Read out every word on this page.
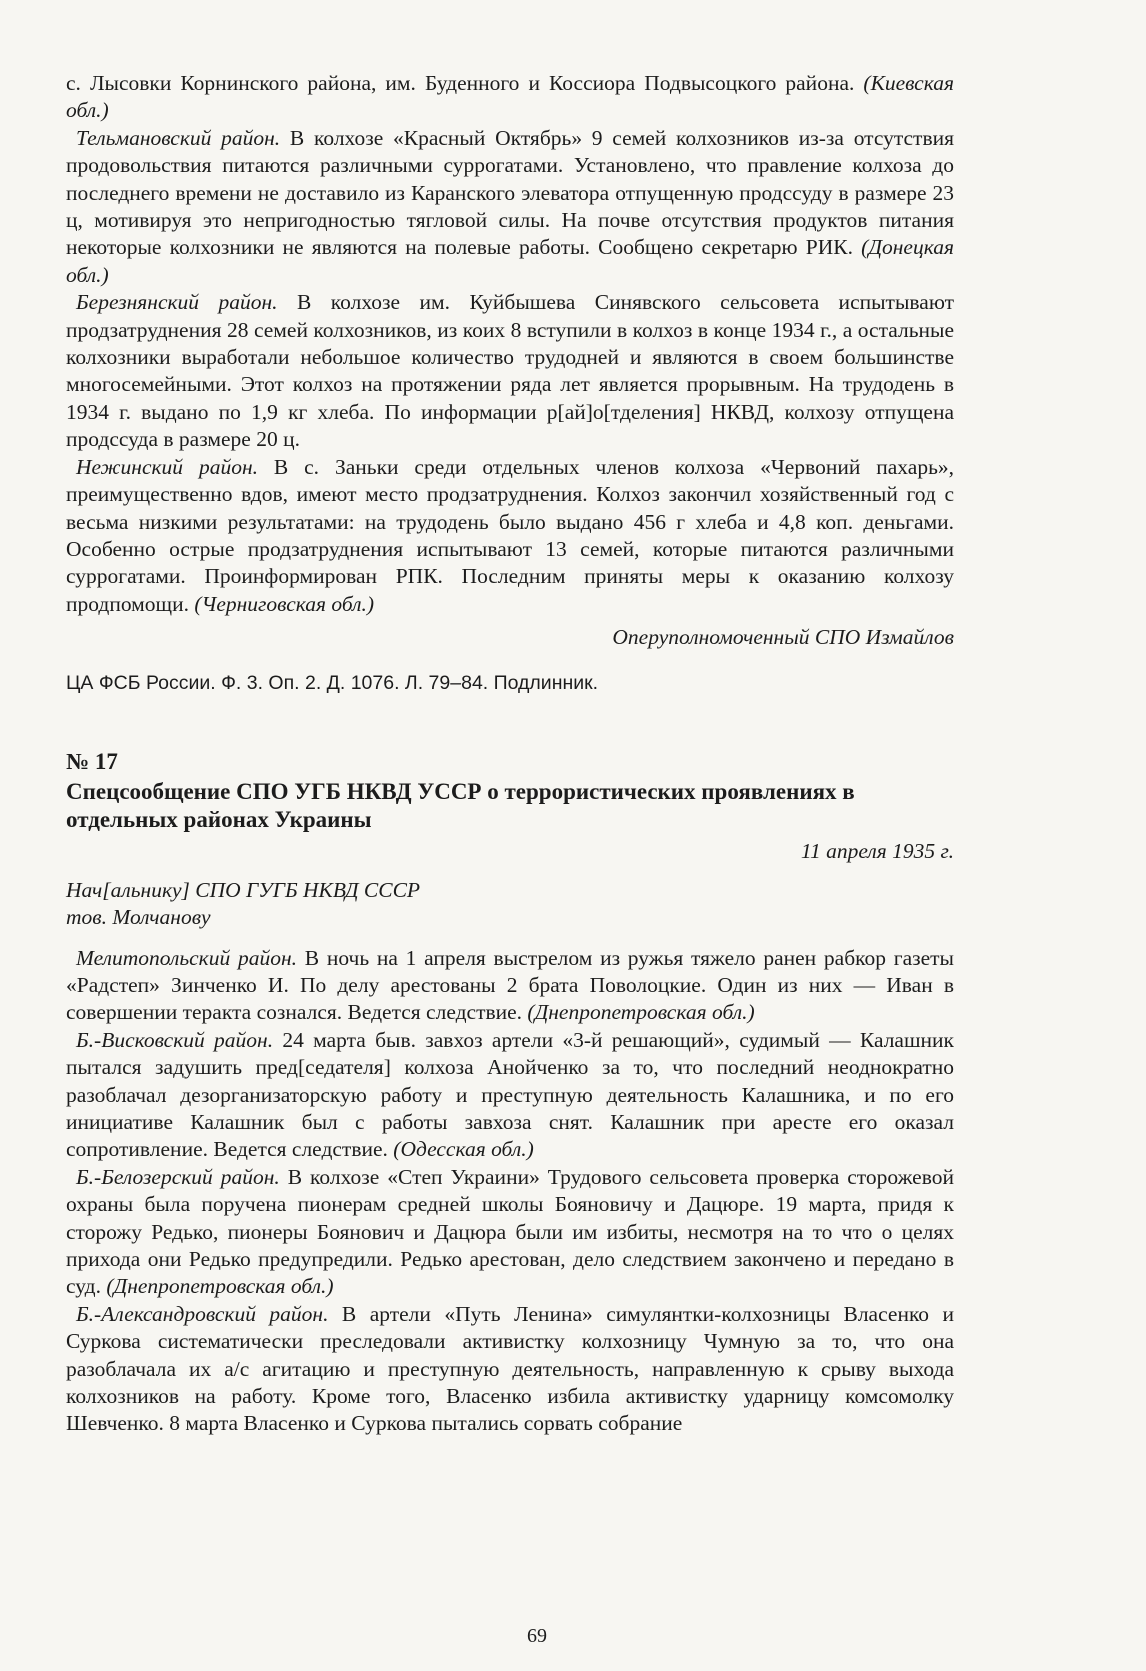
с. Лысовки Корнинского района, им. Буденного и Коссиора Подвысоцкого района. (Киевская обл.)

Тельмановский район. В колхозе «Красный Октябрь» 9 семей колхозников из-за отсутствия продовольствия питаются различными суррогатами. Установлено, что правление колхоза до последнего времени не доставило из Каранского элеватора отпущенную продссуду в размере 23 ц, мотивируя это непригодностью тягловой силы. На почве отсутствия продуктов питания некоторые колхозники не являются на полевые работы. Сообщено секретарю РИК. (Донецкая обл.)

Березнянский район. В колхозе им. Куйбышева Синявского сельсовета испытывают продзатруднения 28 семей колхозников, из коих 8 вступили в колхоз в конце 1934 г., а остальные колхозники выработали небольшое количество трудодней и являются в своем большинстве многосемейными. Этот колхоз на протяжении ряда лет является прорывным. На трудодень в 1934 г. выдано по 1,9 кг хлеба. По информации р[ай]о[тделения] НКВД, колхозу отпущена продссуда в размере 20 ц.

Нежинский район. В с. Заньки среди отдельных членов колхоза «Червоний пахарь», преимущественно вдов, имеют место продзатруднения. Колхоз закончил хозяйственный год с весьма низкими результатами: на трудодень было выдано 456 г хлеба и 4,8 коп. деньгами. Особенно острые продзатруднения испытывают 13 семей, которые питаются различными суррогатами. Проинформирован РПК. Последним приняты меры к оказанию колхозу продпомощи. (Черниговская обл.)

Оперуполномоченный СПО Измайлов

ЦА ФСБ России. Ф. 3. Оп. 2. Д. 1076. Л. 79–84. Подлинник.

№ 17
Спецсообщение СПО УГБ НКВД УССР о террористических проявлениях в отдельных районах Украины
11 апреля 1935 г.
Нач[альнику] СПО ГУГБ НКВД СССР
тов. Молчанову

Мелитопольский район. В ночь на 1 апреля выстрелом из ружья тяжело ранен рабкор газеты «Радстеп» Зинченко И. По делу арестованы 2 брата Поволоцкие. Один из них — Иван в совершении теракта сознался. Ведется следствие. (Днепропетровская обл.)

Б.-Висковский район. 24 марта быв. завхоз артели «3-й решающий», судимый — Калашник пытался задушить пред[седателя] колхоза Анойченко за то, что последний неоднократно разоблачал дезорганизаторскую работу и преступную деятельность Калашника, и по его инициативе Калашник был с работы завхоза снят. Калашник при аресте его оказал сопротивление. Ведется следствие. (Одесская обл.)

Б.-Белозерский район. В колхозе «Степ Украини» Трудового сельсовета проверка сторожевой охраны была поручена пионерам средней школы Бояновичу и Дацюре. 19 марта, придя к сторожу Редько, пионеры Боянович и Дацюра были им избиты, несмотря на то что о целях прихода они Редько предупредили. Редько арестован, дело следствием закончено и передано в суд. (Днепропетровская обл.)

Б.-Александровский район. В артели «Путь Ленина» симулянтки-колхозницы Власенко и Суркова систематически преследовали активистку колхозницу Чумную за то, что она разоблачала их а/с агитацию и преступную деятельность, направленную к срыву выхода колхозников на работу. Кроме того, Власенко избила активистку ударницу комсомолку Шевченко. 8 марта Власенко и Суркова пытались сорвать собрание

69
